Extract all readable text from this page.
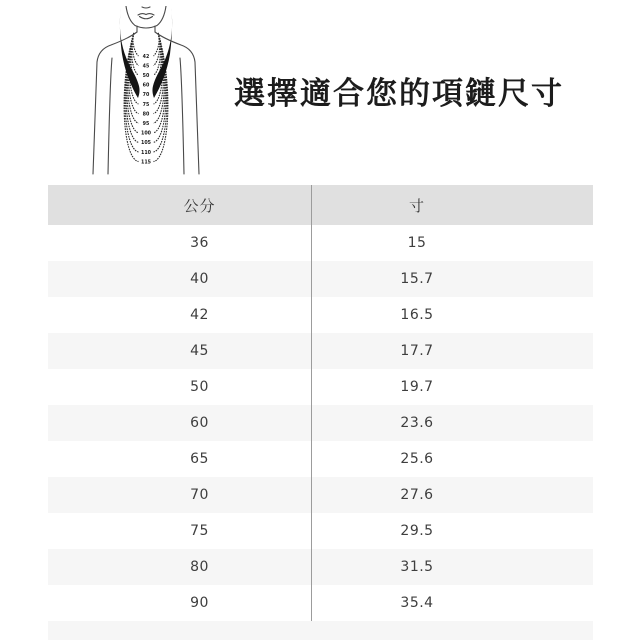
42
45
50
60
70
75
80
95
100
105
110
115
選擇適合您的項鏈尺寸
公分	寸
36	15
40	15.7
42	16.5
45	17.7
50	19.7
60	23.6
65	25.6
70	27.6
75	29.5
80	31.5
90	35.4
